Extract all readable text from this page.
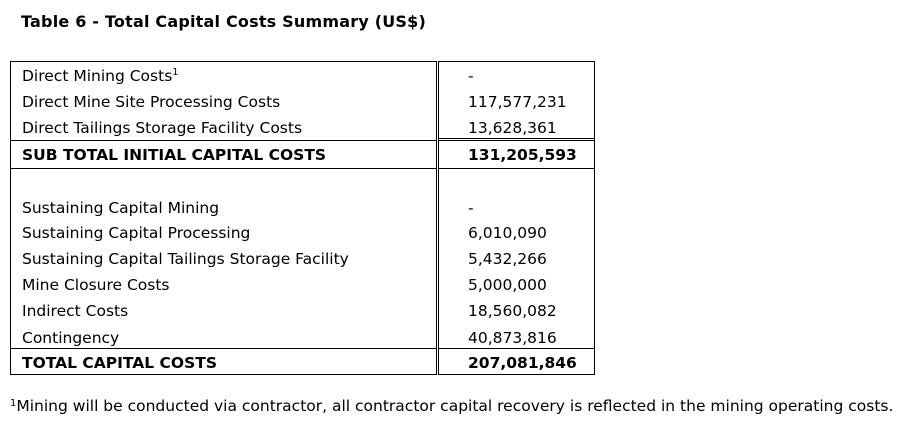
Table 6 - Total Capital Costs Summary (US$)
Direct Mining Costs$^1$	-
Direct Mine Site Processing Costs	117,577,231
Direct Tailings Storage Facility Costs	13,628,361
SUB TOTAL INITIAL CAPITAL COSTS	131,205,593
Sustaining Capital Mining	-
Sustaining Capital Processing	6,010,090
Sustaining Capital Tailings Storage Facility	5,432,266
Mine Closure Costs	5,000,000
Indirect Costs	18,560,082
Contingency	40,873,816
TOTAL CAPITAL COSTS	207,081,846
$^1$Mining will be conducted via contractor, all contractor capital recovery is reflected in the mining operating costs.
